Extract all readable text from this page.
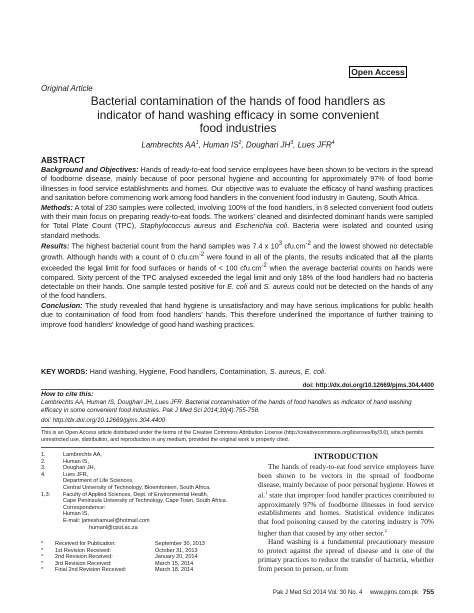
Open Access
Original Article
Bacterial contamination of the hands of food handlers as indicator of hand washing efficacy in some convenient food industries
Lambrechts $AA^1$, Human $IS^2$, Doughari $JH^3$, Lues JFR$^4$
ABSTRACT

Background and Objectives: Hands of ready-to-eat food service employees have been shown to be vectors in the spread of foodborne disease, mainly because of poor personal hygiene and accounting for approximately 97% of food borne illnesses in food service establishments and homes. Our objective was to evaluate the efficacy of hand washing practices and sanitation before commencing work among food handlers in the convenient food industry in Gauteng, South Africa.

Methods: A total of 230 samples were collected, involving 100% of the food handlers, in 8 selected convenient food outlets with their main focus on preparing ready-to-eat foods. The workers' cleaned and disinfected dominant hands were sampled for Total Plate Count (TPC), Staphylococcus aureus and Escherichia coli. Bacteria were isolated and counted using standard methods.

Results: The highest bacterial count from the hand samples was 7.4 x $10^3$ $cfu.cm^{-2}$ and the lowest showed no detectable growth. Although hands with a count of 0 $cfu.cm^{-2}$ were found in all of the plants, the results indicated that all the plants exceeded the legal limit for food surfaces or hands of < 100 $cfu.cm^{-2}$ when the average bacterial counts on hands were compared. Sixty percent of the TPC analysed exceeded the legal limit and only 18% of the food handlers had no bacteria detectable on their hands. One sample tested positive for E. coli and S. aureus could not be detected on the hands of any of the food handlers.

Conclusion: The study revealed that hand hygiene is unsatisfactory and may have serious implications for public health due to contamination of food from food handlers' hands. This therefore underlined the importance of further training to improve food handlers' knowledge of good hand washing practices.

KEY WORDS: Hand washing, Hygiene, Food handlers, Contamination, S. aureus, E. coli.
doi: http://dx.doi.org/10.12669/pjms.304.4400
How to cite this:
Lambrechts AA, Human IS, Doughari JH, Lues JFR. Bacterial contamination of the hands of food handlers as indicator of hand washing efficacy in some convenient food industries. Pak J Med Sci 2014;30(4):755-758.
doi: http://dx.doi.org/10.12669/pjms.304.4400
This is an Open Access article distributed under the terms of the Creative Commons Attribution License (http://creativecommons.org/licenses/by/3.0), which permits unrestricted use, distribution, and reproduction in any medium, provided the original work is properly cited.
1.	Lambrechts AA,
2.	Human IS,
3.	Doughari JH,
4.	Lues JFR,
Department of Life Sciences,
Central University of Technology, Bloemfontein, South Africa.
1,3:	Faculty of Applied Sciences, Dept. of Environmental Health,
Cape Peninsula University of Technology, Cape Town, South Africa.
Correspondence:
Human IS,
E-mail: jameshamuel@hotmail.com
humanl@cput.ac.za
*	Received for Publication:	September 30, 2013
*	1st Revision Received:	October 31, 2013
*	2nd Revision Received:	January 20, 2014
*	3rd Revision Received:	March 15, 2014
*	Final 2nd Revision Received:	March 18, 2014
INTRODUCTION

The hands of ready-to-eat food service employees have been shown to be vectors in the spread of foodborne disease, mainly because of poor personal hygiene. Howes et al.$^1$ state that improper food handler practices contributed to approximately 97% of foodborne illnesses in food service establishments and homes. Statistical evidence indicates that food poisoning caused by the catering industry is 70% higher than that caused by any other sector.$^2$

Hand washing is a fundamental precautionary measure to protect against the spread of disease and is one of the primary practices to reduce the transfer of bacteria, whether from person to person, or from

Pak J Med Sci 2014 Vol. 30 No. 4 www.pjms.com.pk 755
